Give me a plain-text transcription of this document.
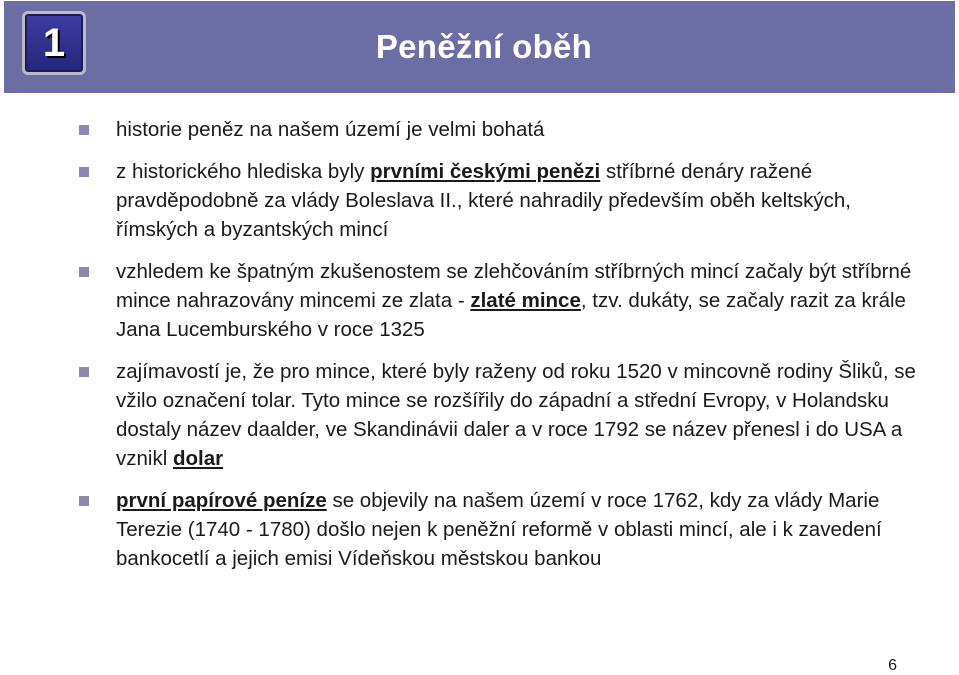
1	Peněžní oběh
historie peněz na našem území je velmi bohatá
z historického hlediska byly prvními českými penězi stříbrné denáry ražené pravděpodobně za vlády Boleslava II., které nahradily především oběh keltských, římských a byzantských mincí
vzhledem ke špatným zkušenostem se zlehčováním stříbrných mincí začaly být stříbrné mince nahrazovány mincemi ze zlata - zlaté mince, tzv. dukáty, se začaly razit za krále Jana Lucemburského v roce 1325
zajímavostí je, že pro mince, které byly raženy od roku 1520 v mincovně rodiny Šliků, se vžilo označení tolar. Tyto mince se rozšířily do západní a střední Evropy, v Holandsku dostaly název daalder, ve Skandinávii daler a v roce 1792 se název přenesl i do USA a vznikl dolar
první papírové peníze se objevily na našem území v roce 1762, kdy za vlády Marie Terezie (1740 - 1780) došlo nejen k peněžní reformě v oblasti mincí, ale i k zavedení bankocetlí a jejich emisi Vídeňskou městskou bankou
6
